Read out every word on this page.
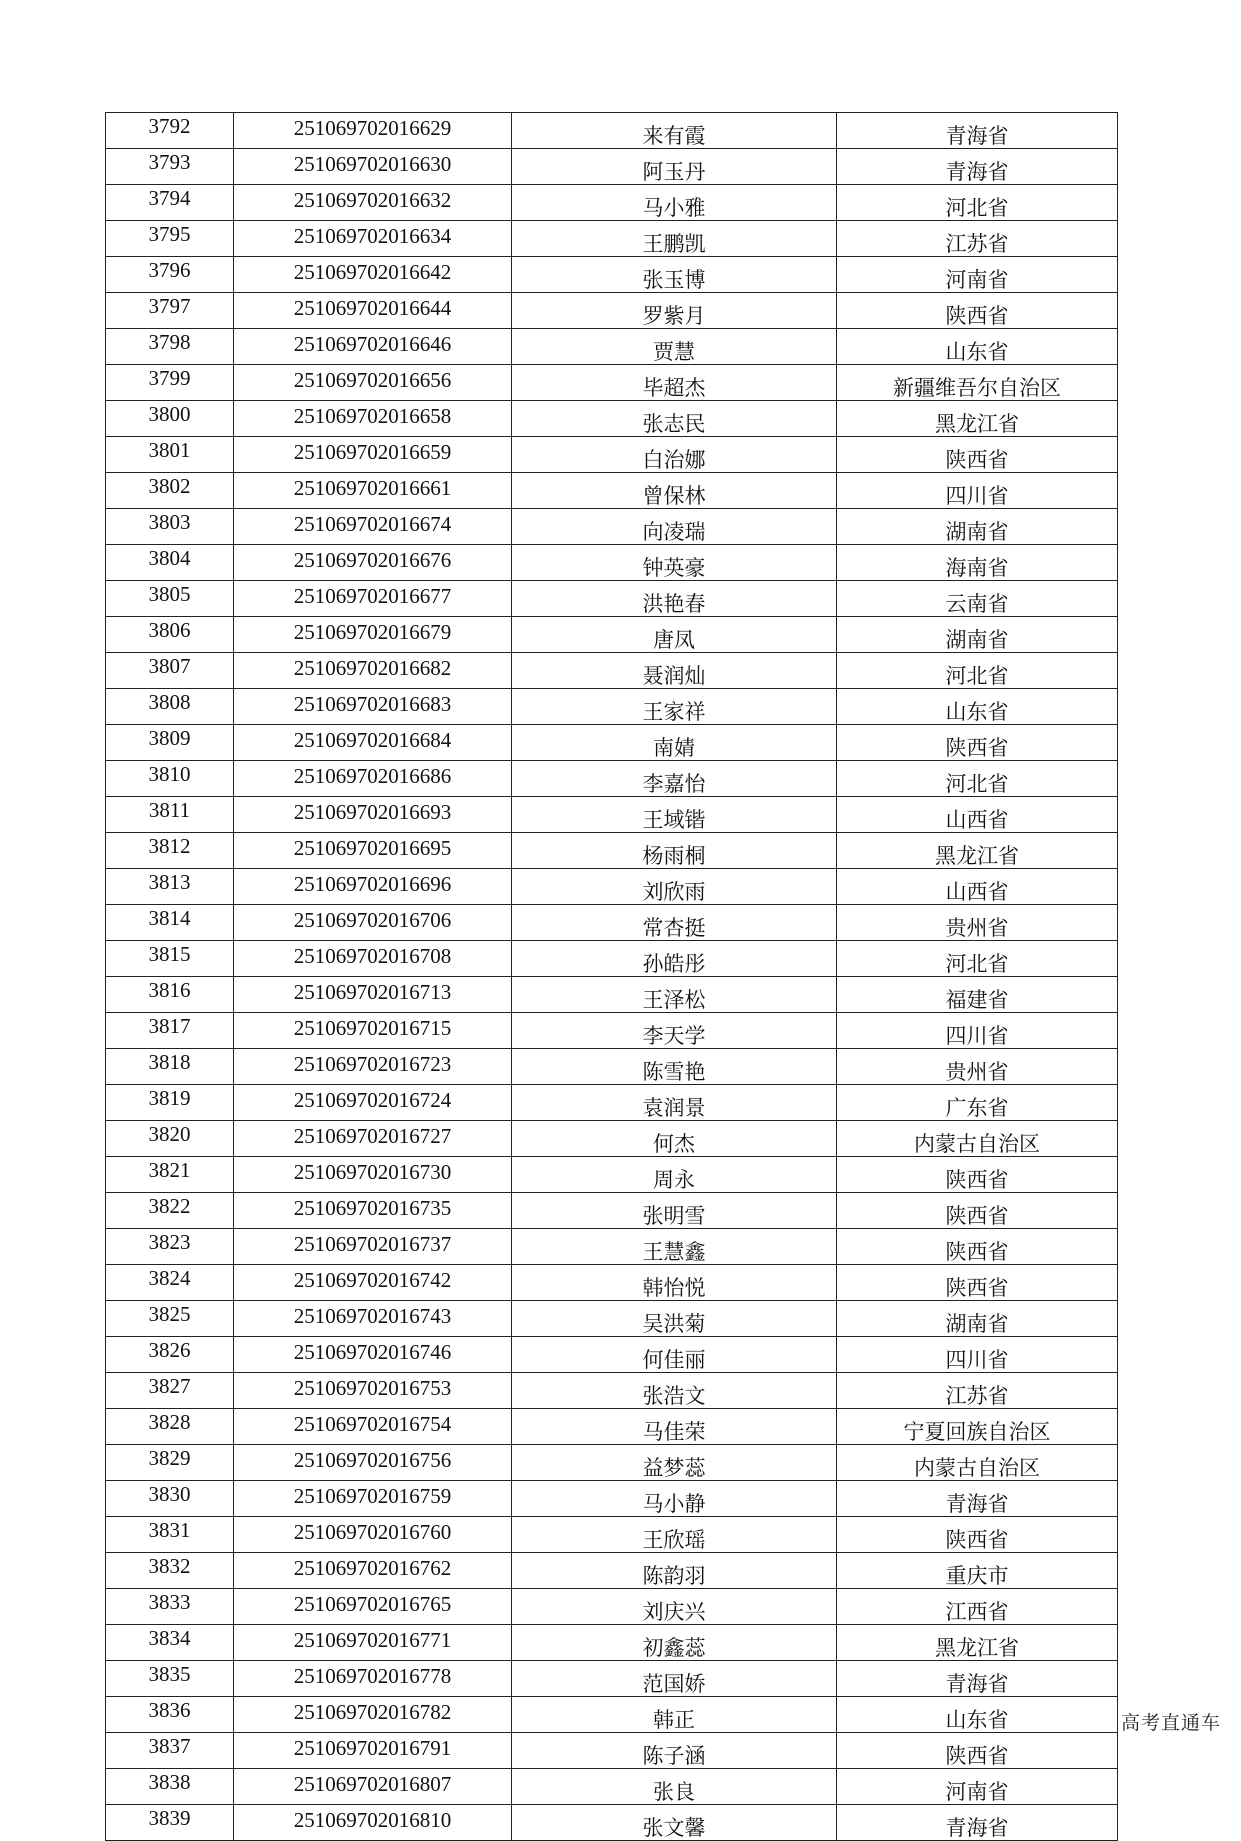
3792	251069702016629	来有霞	青海省
3793	251069702016630	阿玉丹	青海省
3794	251069702016632	马小雅	河北省
3795	251069702016634	王鹏凯	江苏省
3796	251069702016642	张玉博	河南省
3797	251069702016644	罗紫月	陕西省
3798	251069702016646	贾慧	山东省
3799	251069702016656	毕超杰	新疆维吾尔自治区
3800	251069702016658	张志民	黑龙江省
3801	251069702016659	白治娜	陕西省
3802	251069702016661	曾保林	四川省
3803	251069702016674	向凌瑞	湖南省
3804	251069702016676	钟英豪	海南省
3805	251069702016677	洪艳春	云南省
3806	251069702016679	唐凤	湖南省
3807	251069702016682	聂润灿	河北省
3808	251069702016683	王家祥	山东省
3809	251069702016684	南婧	陕西省
3810	251069702016686	李嘉怡	河北省
3811	251069702016693	王域锴	山西省
3812	251069702016695	杨雨桐	黑龙江省
3813	251069702016696	刘欣雨	山西省
3814	251069702016706	常杏挺	贵州省
3815	251069702016708	孙皓彤	河北省
3816	251069702016713	王泽松	福建省
3817	251069702016715	李天学	四川省
3818	251069702016723	陈雪艳	贵州省
3819	251069702016724	袁润景	广东省
3820	251069702016727	何杰	内蒙古自治区
3821	251069702016730	周永	陕西省
3822	251069702016735	张明雪	陕西省
3823	251069702016737	王慧鑫	陕西省
3824	251069702016742	韩怡悦	陕西省
3825	251069702016743	吴洪菊	湖南省
3826	251069702016746	何佳丽	四川省
3827	251069702016753	张浩文	江苏省
3828	251069702016754	马佳荣	宁夏回族自治区
3829	251069702016756	益梦蕊	内蒙古自治区
3830	251069702016759	马小静	青海省
3831	251069702016760	王欣瑶	陕西省
3832	251069702016762	陈韵羽	重庆市
3833	251069702016765	刘庆兴	江西省
3834	251069702016771	初鑫蕊	黑龙江省
3835	251069702016778	范国娇	青海省
3836	251069702016782	韩正	山东省
3837	251069702016791	陈子涵	陕西省
3838	251069702016807	张良	河南省
3839	251069702016810	张文馨	青海省
高考直通车
